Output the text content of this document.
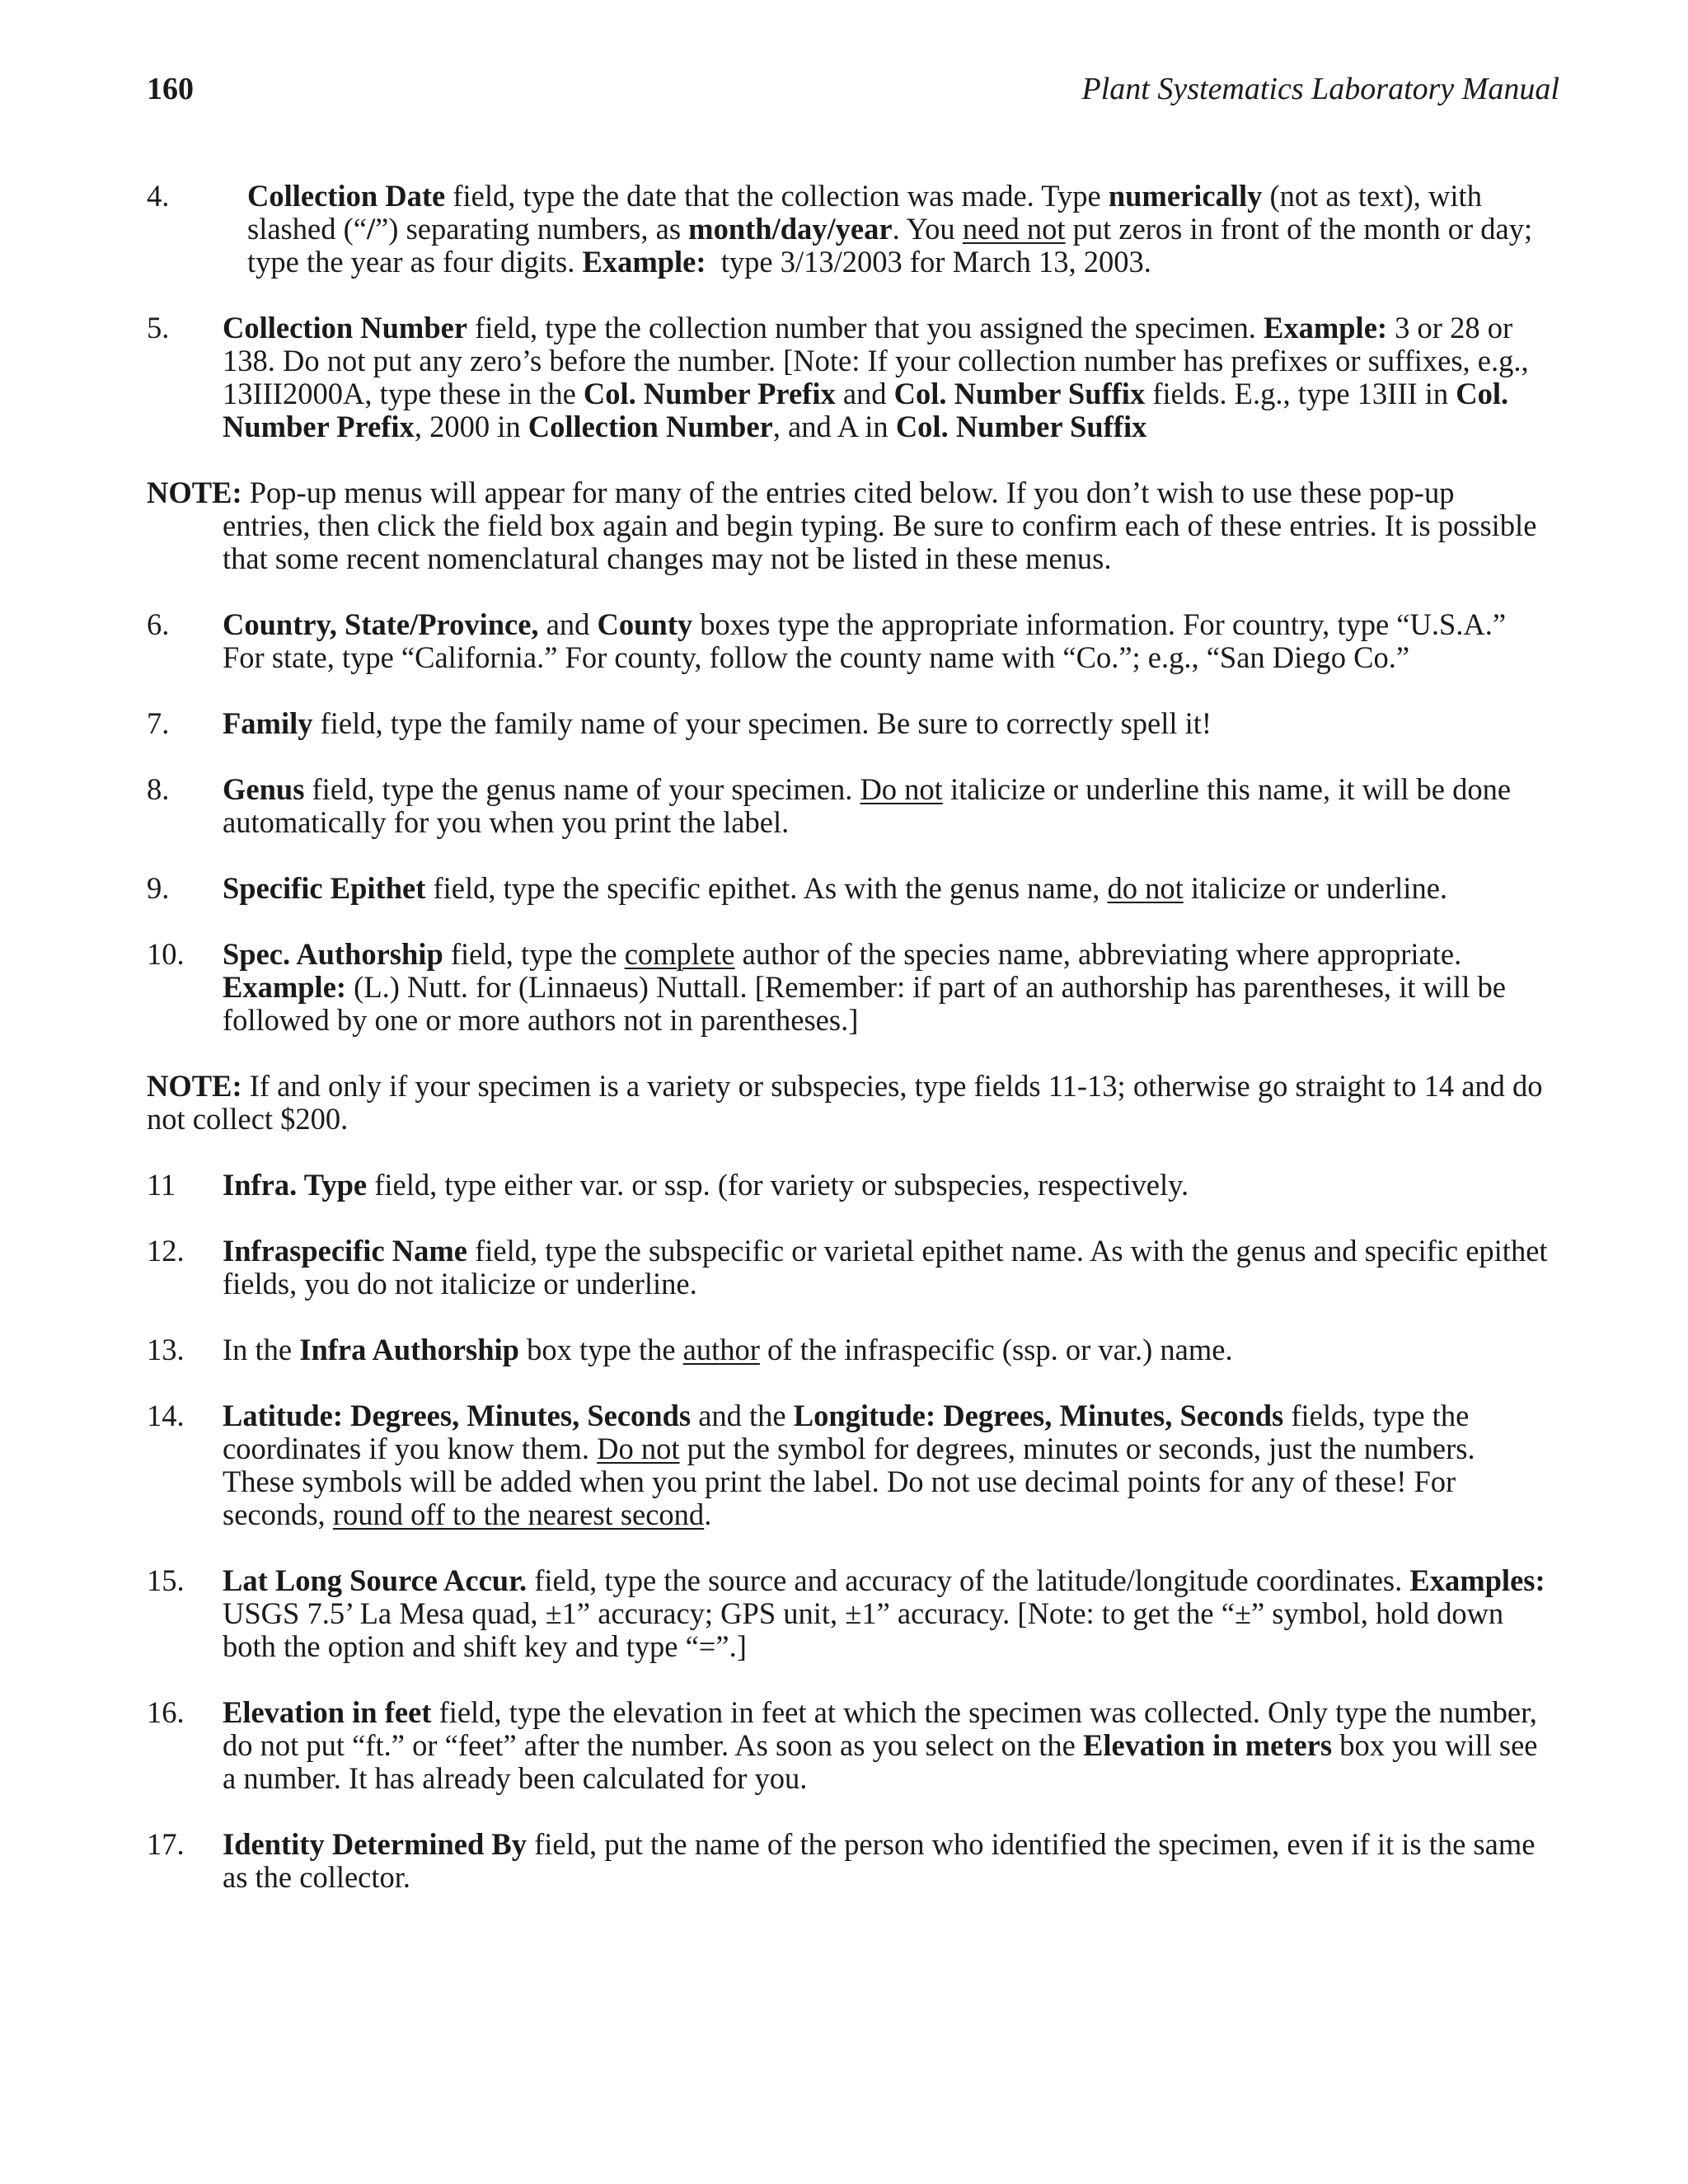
160	Plant Systematics Laboratory Manual
4.	Collection Date field, type the date that the collection was made. Type numerically (not as text), with slashed (“/”) separating numbers, as month/day/year. You need not put zeros in front of the month or day; type the year as four digits. Example:  type 3/13/2003 for March 13, 2003.
5.	Collection Number field, type the collection number that you assigned the specimen. Example: 3 or 28 or 138. Do not put any zero’s before the number. [Note: If your collection number has prefixes or suffixes, e.g., 13III2000A, type these in the Col. Number Prefix and Col. Number Suffix fields. E.g., type 13III in Col. Number Prefix, 2000 in Collection Number, and A in Col. Number Suffix
NOTE: Pop-up menus will appear for many of the entries cited below. If you don’t wish to use these pop-up entries, then click the field box again and begin typing. Be sure to confirm each of these entries. It is possible that some recent nomenclatural changes may not be listed in these menus.
6.	Country, State/Province, and County boxes type the appropriate information. For country, type “U.S.A.” For state, type “California.” For county, follow the county name with “Co.”; e.g., “San Diego Co.”
7.	Family field, type the family name of your specimen. Be sure to correctly spell it!
8.	Genus field, type the genus name of your specimen. Do not italicize or underline this name, it will be done automatically for you when you print the label.
9.	Specific Epithet field, type the specific epithet. As with the genus name, do not italicize or underline.
10.	Spec. Authorship field, type the complete author of the species name, abbreviating where appropriate. Example: (L.) Nutt. for (Linnaeus) Nuttall. [Remember: if part of an authorship has parentheses, it will be followed by one or more authors not in parentheses.]
NOTE: If and only if your specimen is a variety or subspecies, type fields 11-13; otherwise go straight to 14 and do not collect $200.
11	Infra. Type field, type either var. or ssp. (for variety or subspecies, respectively.
12.	Infraspecific Name field, type the subspecific or varietal epithet name. As with the genus and specific epithet fields, you do not italicize or underline.
13.	In the Infra Authorship box type the author of the infraspecific (ssp. or var.) name.
14.	Latitude: Degrees, Minutes, Seconds and the Longitude: Degrees, Minutes, Seconds fields, type the coordinates if you know them. Do not put the symbol for degrees, minutes or seconds, just the numbers. These symbols will be added when you print the label. Do not use decimal points for any of these! For seconds, round off to the nearest second.
15.	Lat Long Source Accur. field, type the source and accuracy of the latitude/longitude coordinates. Examples: USGS 7.5’ La Mesa quad, ±1” accuracy; GPS unit, ±1” accuracy. [Note: to get the “±” symbol, hold down both the option and shift key and type “=”.]
16.	Elevation in feet field, type the elevation in feet at which the specimen was collected. Only type the number, do not put “ft.” or “feet” after the number. As soon as you select on the Elevation in meters box you will see a number. It has already been calculated for you.
17.	Identity Determined By field, put the name of the person who identified the specimen, even if it is the same as the collector.
